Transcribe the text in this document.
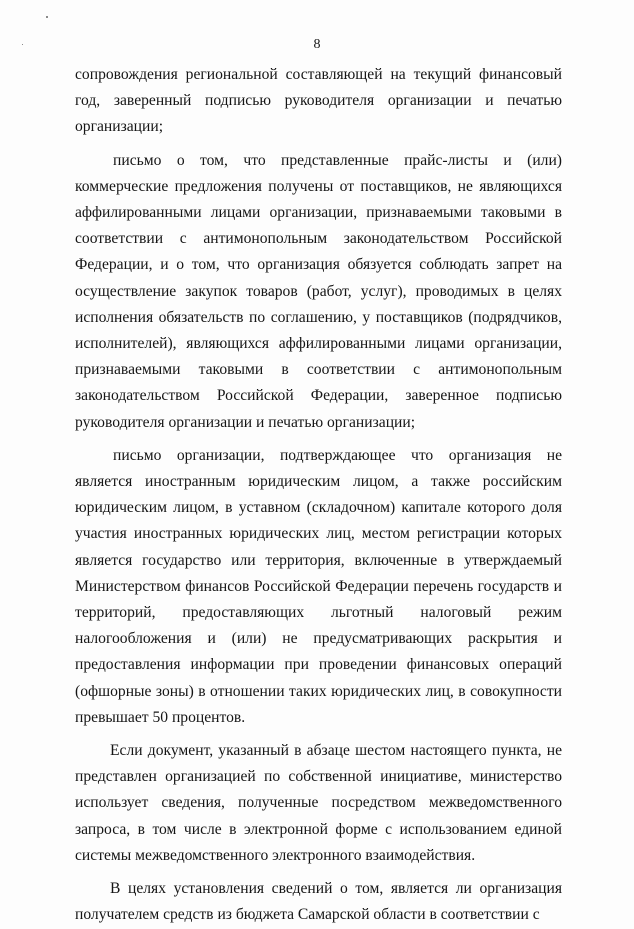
8

сопровождения региональной составляющей на текущий финансовый год, заверенный подписью руководителя организации и печатью организации;

письмо о том, что представленные прайс-листы и (или) коммерческие предложения получены от поставщиков, не являющихся аффилированными лицами организации, признаваемыми таковыми в соответствии с антимонопольным законодательством Российской Федерации, и о том, что организация обязуется соблюдать запрет на осуществление закупок товаров (работ, услуг), проводимых в целях исполнения обязательств по соглашению, у поставщиков (подрядчиков, исполнителей), являющихся аффилированными лицами организации, признаваемыми таковыми в соответствии с антимонопольным законодательством Российской Федерации, заверенное подписью руководителя организации и печатью организации;

письмо организации, подтверждающее что организация не является иностранным юридическим лицом, а также российским юридическим лицом, в уставном (складочном) капитале которого доля участия иностранных юридических лиц, местом регистрации которых является государство или территория, включенные в утверждаемый Министерством финансов Российской Федерации перечень государств и территорий, предоставляющих льготный налоговый режим налогообложения и (или) не предусматривающих раскрытия и предоставления информации при проведении финансовых операций (офшорные зоны) в отношении таких юридических лиц, в совокупности превышает 50 процентов.

Если документ, указанный в абзаце шестом настоящего пункта, не представлен организацией по собственной инициативе, министерство использует сведения, полученные посредством межведомственного запроса, в том числе в электронной форме с использованием единой системы межведомственного электронного взаимодействия.

В целях установления сведений о том, является ли организация получателем средств из бюджета Самарской области в соответствии с
